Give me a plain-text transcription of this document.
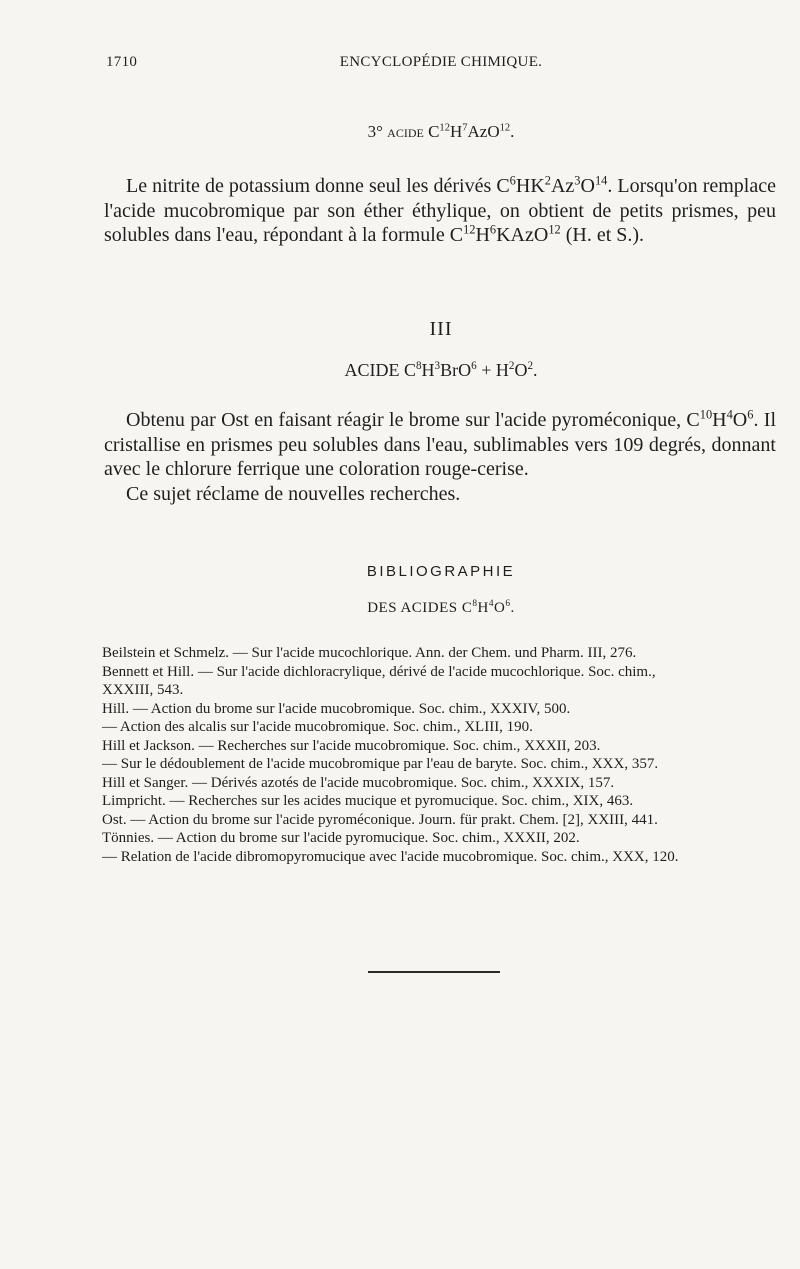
1710	ENCYCLOPÉDIE CHIMIQUE.
3° acide $C^{12}H^7AzO^{12}$.

Le nitrite de potassium donne seul les dérivés $C^6HK^2Az^3O^{14}$. Lorsqu'on remplace l'acide mucobromique par son éther éthylique, on obtient de petits prismes, peu solubles dans l'eau, répondant à la formule $C^{12}H^6KAzO^{12}$ (H. et S.).

III
ACIDE $C^8H^3BrO^6 + H^2O^2$.

Obtenu par Ost en faisant réagir le brome sur l'acide pyroméconique, $C^{10}H^4O^6$. Il cristallise en prismes peu solubles dans l'eau, sublimables vers 109 degrés, donnant avec le chlorure ferrique une coloration rouge-cerise.

Ce sujet réclame de nouvelles recherches.

BIBLIOGRAPHIE
DES ACIDES $C^8H^4O^6$.
Beilstein et Schmelz. — Sur l'acide mucochlorique. Ann. der Chem. und Pharm. III, 276.
Bennett et Hill. — Sur l'acide dichloracrylique, dérivé de l'acide mucochlorique. Soc. chim.,
XXXIII, 543.
Hill. — Action du brome sur l'acide mucobromique. Soc. chim., XXXIV, 500.
— Action des alcalis sur l'acide mucobromique. Soc. chim., XLIII, 190.
Hill et Jackson. — Recherches sur l'acide mucobromique. Soc. chim., XXXII, 203.
— Sur le dédoublement de l'acide mucobromique par l'eau de baryte. Soc. chim., XXX, 357.
Hill et Sanger. — Dérivés azotés de l'acide mucobromique. Soc. chim., XXXIX, 157.
Limpricht. — Recherches sur les acides mucique et pyromucique. Soc. chim., XIX, 463.
Ost. — Action du brome sur l'acide pyroméconique. Journ. für prakt. Chem. [2], XXIII, 441.
Tönnies. — Action du brome sur l'acide pyromucique. Soc. chim., XXXII, 202.
— Relation de l'acide dibromopyromucique avec l'acide mucobromique. Soc. chim., XXX, 120.
